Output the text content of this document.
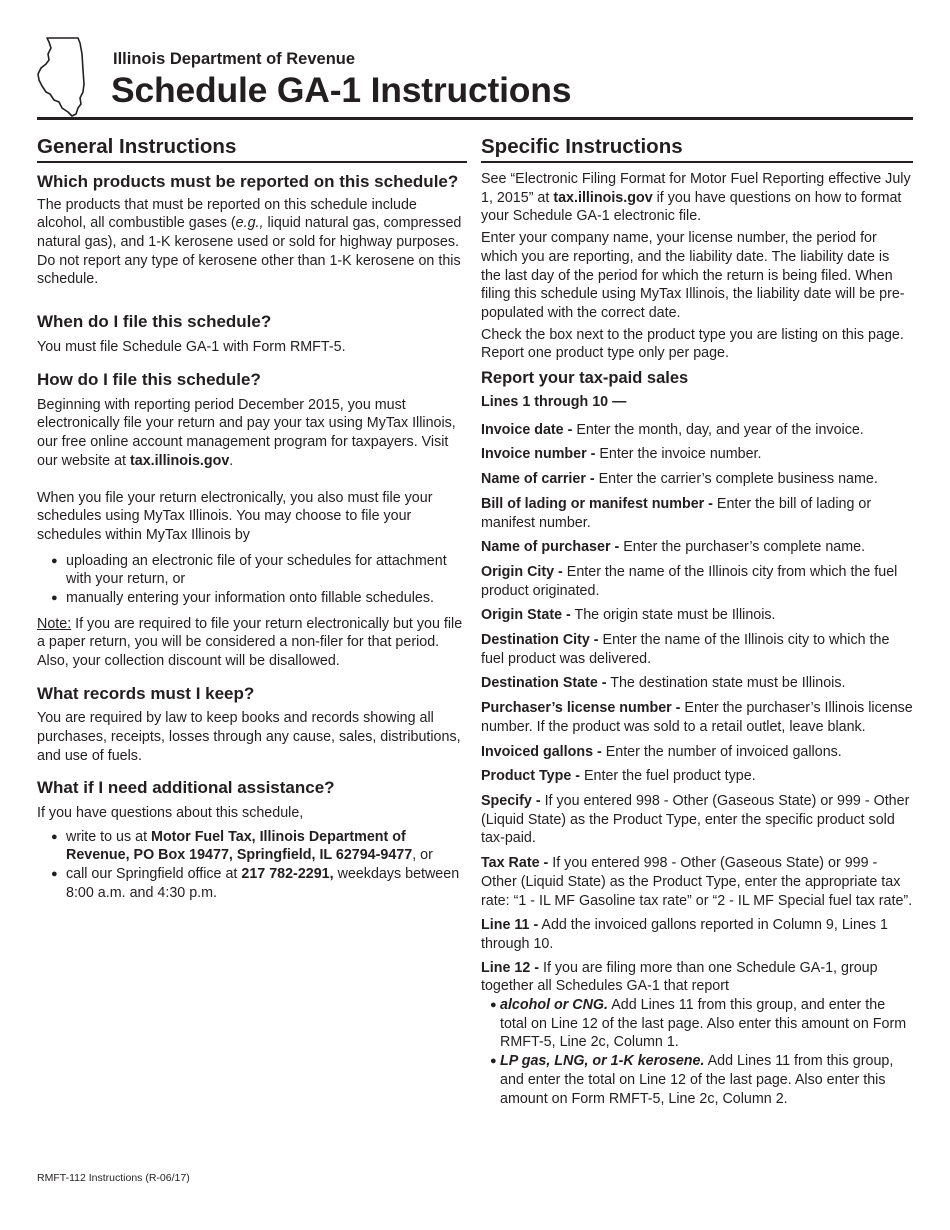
Illinois Department of Revenue
Schedule GA-1 Instructions
General Instructions
Which products must be reported on this schedule?

The products that must be reported on this schedule include alcohol, all combustible gases (e.g., liquid natural gas, compressed natural gas), and 1-K kerosene used or sold for highway purposes. Do not report any type of kerosene other than 1-K kerosene on this schedule.

When do I file this schedule?

You must file Schedule GA-1 with Form RMFT-5.

How do I file this schedule?

Beginning with reporting period December 2015, you must electronically file your return and pay your tax using MyTax Illinois, our free online account management program for taxpayers. Visit our website at tax.illinois.gov.

When you file your return electronically, you also must file your schedules using MyTax Illinois. You may choose to file your schedules within MyTax Illinois by

● uploading an electronic file of your schedules for attachment with your return, or
● manually entering your information onto fillable schedules.

Note: If you are required to file your return electronically but you file a paper return, you will be considered a non-filer for that period. Also, your collection discount will be disallowed.

What records must I keep?

You are required by law to keep books and records showing all purchases, receipts, losses through any cause, sales, distributions, and use of fuels.

What if I need additional assistance?

If you have questions about this schedule,

● write to us at Motor Fuel Tax, Illinois Department of Revenue, PO Box 19477, Springfield, IL 62794-9477, or
● call our Springfield office at 217 782-2291, weekdays between 8:00 a.m. and 4:30 p.m.
Specific Instructions

See “Electronic Filing Format for Motor Fuel Reporting effective July 1, 2015” at tax.illinois.gov if you have questions on how to format your Schedule GA-1 electronic file.

Enter your company name, your license number, the period for which you are reporting, and the liability date. The liability date is the last day of the period for which the return is being filed. When filing this schedule using MyTax Illinois, the liability date will be pre-populated with the correct date.

Check the box next to the product type you are listing on this page. Report one product type only per page.

Report your tax-paid sales

Lines 1 through 10 —

Invoice date - Enter the month, day, and year of the invoice.

Invoice number - Enter the invoice number.

Name of carrier - Enter the carrier’s complete business name.

Bill of lading or manifest number - Enter the bill of lading or manifest number.

Name of purchaser - Enter the purchaser’s complete name.

Origin City - Enter the name of the Illinois city from which the fuel product originated.

Origin State - The origin state must be Illinois.

Destination City - Enter the name of the Illinois city to which the fuel product was delivered.

Destination State - The destination state must be Illinois.

Purchaser’s license number - Enter the purchaser’s Illinois license number. If the product was sold to a retail outlet, leave blank.

Invoiced gallons - Enter the number of invoiced gallons.

Product Type - Enter the fuel product type.

Specify - If you entered 998 - Other (Gaseous State) or 999 - Other (Liquid State) as the Product Type, enter the specific product sold tax-paid.

Tax Rate - If you entered 998 - Other (Gaseous State) or 999 - Other (Liquid State) as the Product Type, enter the appropriate tax rate: “1 - IL MF Gasoline tax rate” or “2 - IL MF Special fuel tax rate”.

Line 11 - Add the invoiced gallons reported in Column 9, Lines 1 through 10.

Line 12 - If you are filing more than one Schedule GA-1, group together all Schedules GA-1 that report

● alcohol or CNG. Add Lines 11 from this group, and enter the total on Line 12 of the last page. Also enter this amount on Form RMFT-5, Line 2c, Column 1.
● LP gas, LNG, or 1-K kerosene. Add Lines 11 from this group, and enter the total on Line 12 of the last page. Also enter this amount on Form RMFT-5, Line 2c, Column 2.
RMFT-112 Instructions (R-06/17)
